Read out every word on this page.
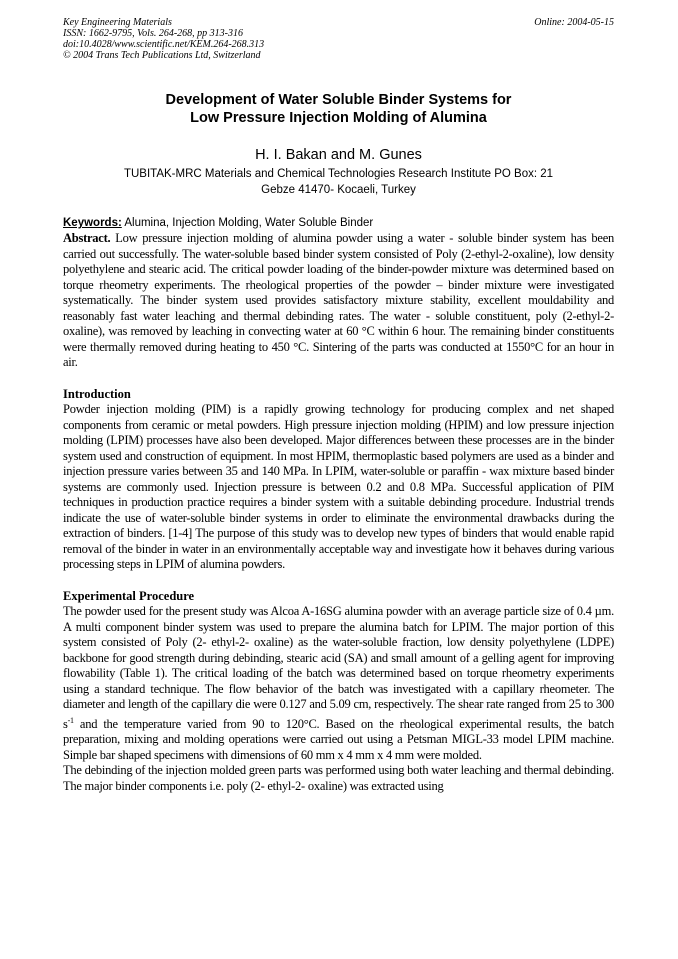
Key Engineering Materials
ISSN: 1662-9795, Vols. 264-268, pp 313-316
doi:10.4028/www.scientific.net/KEM.264-268.313
© 2004 Trans Tech Publications Ltd, Switzerland
Online: 2004-05-15
Development of Water Soluble Binder Systems for
Low Pressure Injection Molding of Alumina
H. I. Bakan and M. Gunes
TUBITAK-MRC Materials and Chemical Technologies Research Institute PO Box: 21
Gebze 41470- Kocaeli, Turkey
Keywords: Alumina, Injection Molding, Water Soluble Binder

Abstract. Low pressure injection molding of alumina powder using a water - soluble binder system has been carried out successfully. The water-soluble based binder system consisted of Poly (2-ethyl-2-oxaline), low density polyethylene and stearic acid. The critical powder loading of the binder-powder mixture was determined based on torque rheometry experiments. The rheological properties of the powder – binder mixture were investigated systematically. The binder system used provides satisfactory mixture stability, excellent mouldability and reasonably fast water leaching and thermal debinding rates. The water - soluble constituent, poly (2-ethyl-2-oxaline), was removed by leaching in convecting water at 60 °C within 6 hour. The remaining binder constituents were thermally removed during heating to 450 °C. Sintering of the parts was conducted at 1550°C for an hour in air.

Introduction

Powder injection molding (PIM) is a rapidly growing technology for producing complex and net shaped components from ceramic or metal powders. High pressure injection molding (HPIM) and low pressure injection molding (LPIM) processes have also been developed. Major differences between these processes are in the binder system used and construction of equipment. In most HPIM, thermoplastic based polymers are used as a binder and injection pressure varies between 35 and 140 MPa. In LPIM, water-soluble or paraffin - wax mixture based binder systems are commonly used. Injection pressure is between 0.2 and 0.8 MPa. Successful application of PIM techniques in production practice requires a binder system with a suitable debinding procedure. Industrial trends indicate the use of water-soluble binder systems in order to eliminate the environmental drawbacks during the extraction of binders. [1-4] The purpose of this study was to develop new types of binders that would enable rapid removal of the binder in water in an environmentally acceptable way and investigate how it behaves during various processing steps in LPIM of alumina powders.

Experimental Procedure

The powder used for the present study was Alcoa A-16SG alumina powder with an average particle size of 0.4 µm. A multi component binder system was used to prepare the alumina batch for LPIM. The major portion of this system consisted of Poly (2- ethyl-2- oxaline) as the water-soluble fraction, low density polyethylene (LDPE) backbone for good strength during debinding, stearic acid (SA) and small amount of a gelling agent for improving flowability (Table 1). The critical loading of the batch was determined based on torque rheometry experiments using a standard technique. The flow behavior of the batch was investigated with a capillary rheometer. The diameter and length of the capillary die were 0.127 and 5.09 cm, respectively. The shear rate ranged from 25 to 300 $s^{-1}$ and the temperature varied from 90 to 120°C. Based on the rheological experimental results, the batch preparation, mixing and molding operations were carried out using a Petsman MIGL-33 model LPIM machine. Simple bar shaped specimens with dimensions of 60 mm x 4 mm x 4 mm were molded.

The debinding of the injection molded green parts was performed using both water leaching and thermal debinding. The major binder components i.e. poly (2- ethyl-2- oxaline) was extracted using
